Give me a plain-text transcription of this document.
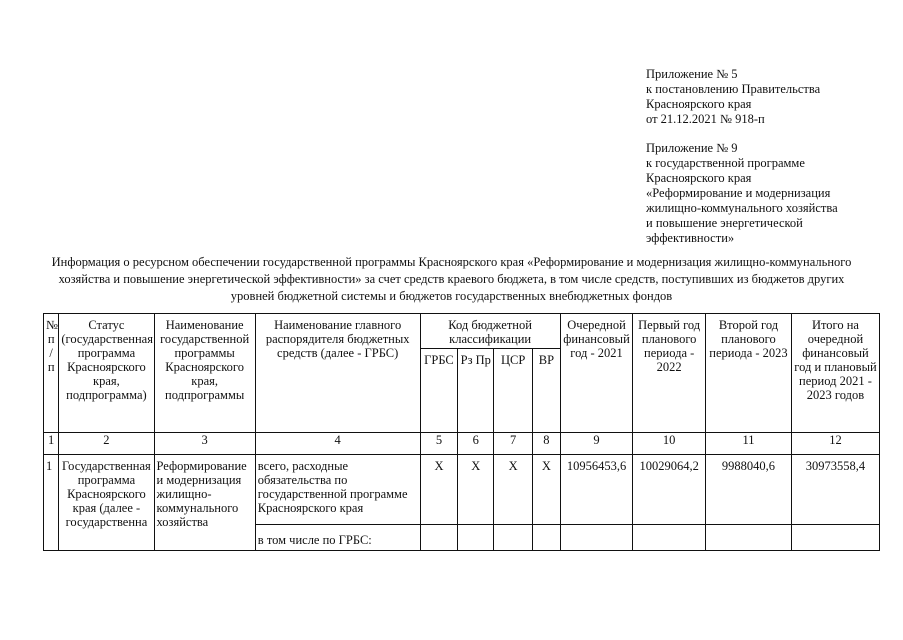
Приложение № 5
к постановлению Правительства
Красноярского края
от 21.12.2021 № 918-п
Приложение № 9
к государственной программе
Красноярского края
«Реформирование и модернизация
жилищно-коммунального хозяйства
и повышение энергетической
эффективности»
Информация о ресурсном обеспечении государственной программы Красноярского края «Реформирование и модернизация жилищно-коммунального
хозяйства и повышение энергетической эффективности» за счет средств краевого бюджета, в том числе средств, поступивших из бюджетов других
уровней бюджетной системы и бюджетов государственных внебюджетных фондов
№ п / п	Статус (государственная программа Красноярского края, подпрограмма)	Наименование государственной программы Красноярского края, подпрограммы	Наименование главного распорядителя бюджетных средств (далее - ГРБС)	Код бюджетной классификации				Очередной финансовый год - 2021	Первый год планового периода - 2022	Второй год планового периода - 2023	Итого на очередной финансовый год и плановый период 2021 - 2023 годов
				ГРБС	Рз Пр	ЦСР	ВР				
1	2	3	4	5	6	7	8	9	10	11	12
1	Государственная программа Красноярского края (далее - государственна	Реформирование и модернизация жилищно-коммунального хозяйства	всего, расходные обязательства по государственной программе Красноярского края	X	X	X	X	10956453,6	10029064,2	9988040,6	30973558,4
			в том числе по ГРБС:								
